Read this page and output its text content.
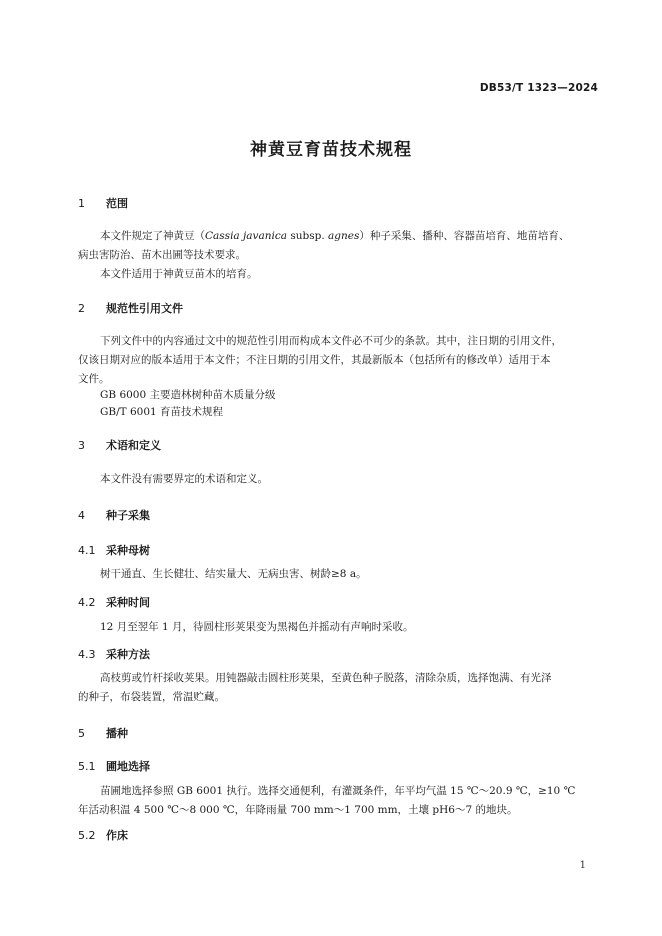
DB53/T 1323—2024
神黄豆育苗技术规程
1 范围
本文件规定了神黄豆（Cassia javanica subsp. agnes）种子采集、播种、容器苗培育、地苗培育、
病虫害防治、苗木出圃等技术要求。
本文件适用于神黄豆苗木的培育。
2 规范性引用文件
下列文件中的内容通过文中的规范性引用而构成本文件必不可少的条款。其中，注日期的引用文件，
仅该日期对应的版本适用于本文件；不注日期的引用文件，其最新版本（包括所有的修改单）适用于本
文件。
GB 6000 主要造林树种苗木质量分级
GB/T 6001 育苗技术规程
3 术语和定义
本文件没有需要界定的术语和定义。
4 种子采集
4.1 采种母树
树干通直、生长健壮、结实量大、无病虫害、树龄≥8 a。
4.2 采种时间
12 月至翌年 1 月，待圆柱形荚果变为黑褐色并摇动有声响时采收。
4.3 采种方法
高枝剪或竹杆採收荚果。用钝器敲击圆柱形荚果，至黄色种子脱落，清除杂质，选择饱满、有光泽
的种子，布袋装置，常温贮藏。
5 播种
5.1 圃地选择
苗圃地选择参照 GB 6001 执行。选择交通便利，有灌溉条件，年平均气温 15 ℃～20.9 ℃，≥10 ℃
年活动积温 4 500 ℃～8 000 ℃，年降雨量 700 mm～1 700 mm，土壤 pH6～7 的地块。
5.2 作床
1
